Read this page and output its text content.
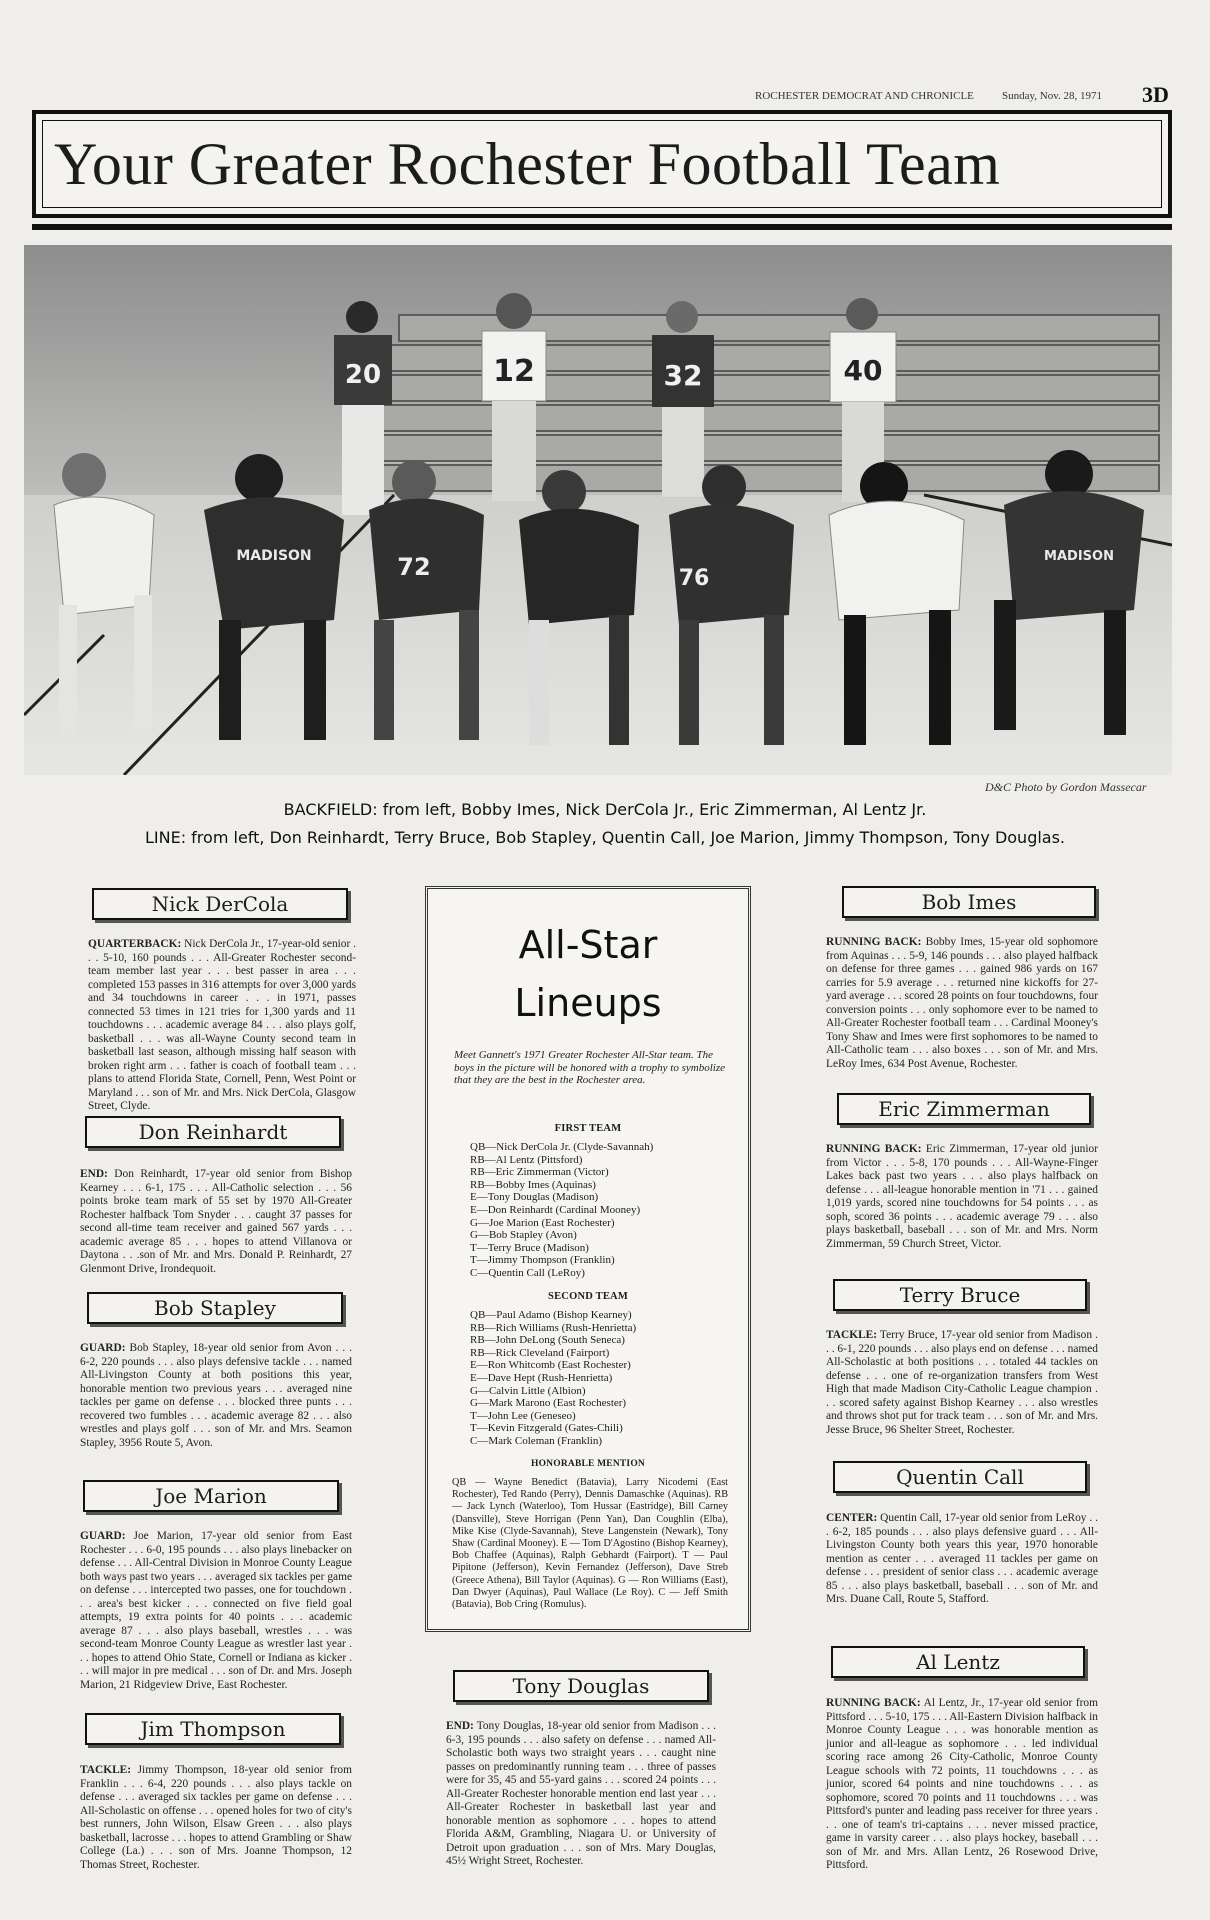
ROCHESTER DEMOCRAT AND CHRONICLE	Sunday, Nov. 28, 1971 3D
Your Greater Rochester Football Team
20	12	32	40
MADISON	72	76
MADISON
D&C Photo by Gordon Massecar
BACKFIELD: from left, Bobby Imes, Nick DerCola Jr., Eric Zimmerman, Al Lentz Jr.
LINE: from left, Don Reinhardt, Terry Bruce, Bob Stapley, Quentin Call, Joe Marion, Jimmy Thompson, Tony Douglas.
Nick DerCola
QUARTERBACK: Nick DerCola Jr., 17-year-old senior . . . 5-10, 160 pounds . . . All-Greater Rochester second-team member last year . . . best passer in area . . . completed 153 passes in 316 attempts for over 3,000 yards and 34 touchdowns in career . . . in 1971, passes connected 53 times in 121 tries for 1,300 yards and 11 touchdowns . . . academic average 84 . . . also plays golf, basketball . . . was all-Wayne County second team in basketball last season, although missing half season with broken right arm . . . father is coach of football team . . . plans to attend Florida State, Cornell, Penn, West Point or Maryland . . . son of Mr. and Mrs. Nick DerCola, Glasgow Street, Clyde.
Don Reinhardt
END: Don Reinhardt, 17-year old senior from Bishop Kearney . . . 6-1, 175 . . . All-Catholic selection . . . 56 points broke team mark of 55 set by 1970 All-Greater Rochester halfback Tom Snyder . . . caught 37 passes for second all-time team receiver and gained 567 yards . . . academic average 85 . . . hopes to attend Villanova or Daytona . . .son of Mr. and Mrs. Donald P. Reinhardt, 27 Glenmont Drive, Irondequoit.
Bob Stapley
GUARD: Bob Stapley, 18-year old senior from Avon . . . 6-2, 220 pounds . . . also plays defensive tackle . . . named All-Livingston County at both positions this year, honorable mention two previous years . . . averaged nine tackles per game on defense . . . blocked three punts . . . recovered two fumbles . . . academic average 82 . . . also wrestles and plays golf . . . son of Mr. and Mrs. Seamon Stapley, 3956 Route 5, Avon.
Joe Marion
GUARD: Joe Marion, 17-year old senior from East Rochester . . . 6-0, 195 pounds . . . also plays linebacker on defense . . . All-Central Division in Monroe County League both ways past two years . . . averaged six tackles per game on defense . . . intercepted two passes, one for touchdown . . . area's best kicker . . . connected on five field goal attempts, 19 extra points for 40 points . . . academic average 87 . . . also plays baseball, wrestles . . . was second-team Monroe County League as wrestler last year . . . hopes to attend Ohio State, Cornell or Indiana as kicker . . . will major in pre medical . . . son of Dr. and Mrs. Joseph Marion, 21 Ridgeview Drive, East Rochester.
Jim Thompson
TACKLE: Jimmy Thompson, 18-year old senior from Franklin . . . 6-4, 220 pounds . . . also plays tackle on defense . . . averaged six tackles per game on defense . . . All-Scholastic on offense . . . opened holes for two of city's best runners, John Wilson, Elsaw Green . . . also plays basketball, lacrosse . . . hopes to attend Grambling or Shaw College (La.) . . . son of Mrs. Joanne Thompson, 12 Thomas Street, Rochester.
All-Star
Lineups
Meet Gannett's 1971 Greater Rochester All-Star team. The boys in the picture will be honored with a trophy to symbolize that they are the best in the Rochester area.
FIRST TEAM
QB—Nick DerCola Jr. (Clyde-Savannah)
RB—Al Lentz (Pittsford)
RB—Eric Zimmerman (Victor)
RB—Bobby Imes (Aquinas)
E—Tony Douglas (Madison)
E—Don Reinhardt (Cardinal Mooney)
G—Joe Marion (East Rochester)
G—Bob Stapley (Avon)
T—Terry Bruce (Madison)
T—Jimmy Thompson (Franklin)
C—Quentin Call (LeRoy)
SECOND TEAM
QB—Paul Adamo (Bishop Kearney)
RB—Rich Williams (Rush-Henrietta)
RB—John DeLong (South Seneca)
RB—Rick Cleveland (Fairport)
E—Ron Whitcomb (East Rochester)
E—Dave Hept (Rush-Henrietta)
G—Calvin Little (Albion)
G—Mark Marono (East Rochester)
T—John Lee (Geneseo)
T—Kevin Fitzgerald (Gates-Chili)
C—Mark Coleman (Franklin)
HONORABLE MENTION
QB — Wayne Benedict (Batavia), Larry Nicodemi (East Rochester), Ted Rando (Perry), Dennis Damaschke (Aquinas). RB — Jack Lynch (Waterloo), Tom Hussar (Eastridge), Bill Carney (Dansville), Steve Horrigan (Penn Yan), Dan Coughlin (Elba), Mike Kise (Clyde-Savannah), Steve Langenstein (Newark), Tony Shaw (Cardinal Mooney). E — Tom D'Agostino (Bishop Kearney), Bob Chaffee (Aquinas), Ralph Gebhardt (Fairport). T — Paul Pipitone (Jefferson), Kevin Fernandez (Jefferson), Dave Streb (Greece Athena), Bill Taylor (Aquinas). G — Ron Williams (East), Dan Dwyer (Aquinas), Paul Wallace (Le Roy). C — Jeff Smith (Batavia), Bob Cring (Romulus).
Tony Douglas
END: Tony Douglas, 18-year old senior from Madison . . . 6-3, 195 pounds . . . also safety on defense . . . named All-Scholastic both ways two straight years . . . caught nine passes on predominantly running team . . . three of passes were for 35, 45 and 55-yard gains . . . scored 24 points . . . All-Greater Rochester honorable mention end last year . . . All-Greater Rochester in basketball last year and honorable mention as sophomore . . . hopes to attend Florida A&M, Grambling, Niagara U. or University of Detroit upon graduation . . . son of Mrs. Mary Douglas, 45½ Wright Street, Rochester.
Bob Imes
RUNNING BACK: Bobby Imes, 15-year old sophomore from Aquinas . . . 5-9, 146 pounds . . . also played halfback on defense for three games . . . gained 986 yards on 167 carries for 5.9 average . . . returned nine kickoffs for 27-yard average . . . scored 28 points on four touchdowns, four conversion points . . . only sophomore ever to be named to All-Greater Rochester football team . . . Cardinal Mooney's Tony Shaw and Imes were first sophomores to be named to All-Catholic team . . . also boxes . . . son of Mr. and Mrs. LeRoy Imes, 634 Post Avenue, Rochester.
Eric Zimmerman
RUNNING BACK: Eric Zimmerman, 17-year old junior from Victor . . . 5-8, 170 pounds . . . All-Wayne-Finger Lakes back past two years . . . also plays halfback on defense . . . all-league honorable mention in '71 . . . gained 1,019 yards, scored nine touchdowns for 54 points . . . as soph, scored 36 points . . . academic average 79 . . . also plays basketball, baseball . . . son of Mr. and Mrs. Norm Zimmerman, 59 Church Street, Victor.
Terry Bruce
TACKLE: Terry Bruce, 17-year old senior from Madison . . . 6-1, 220 pounds . . . also plays end on defense . . . named All-Scholastic at both positions . . . totaled 44 tackles on defense . . . one of re-organization transfers from West High that made Madison City-Catholic League champion . . . scored safety against Bishop Kearney . . . also wrestles and throws shot put for track team . . . son of Mr. and Mrs. Jesse Bruce, 96 Shelter Street, Rochester.
Quentin Call
CENTER: Quentin Call, 17-year old senior from LeRoy . . . 6-2, 185 pounds . . . also plays defensive guard . . . All-Livingston County both years this year, 1970 honorable mention as center . . . averaged 11 tackles per game on defense . . . president of senior class . . . academic average 85 . . . also plays basketball, baseball . . . son of Mr. and Mrs. Duane Call, Route 5, Stafford.
Al Lentz
RUNNING BACK: Al Lentz, Jr., 17-year old senior from Pittsford . . . 5-10, 175 . . . All-Eastern Division halfback in Monroe County League . . . was honorable mention as junior and all-league as sophomore . . . led individual scoring race among 26 City-Catholic, Monroe County League schools with 72 points, 11 touchdowns . . . as junior, scored 64 points and nine touchdowns . . . as sophomore, scored 70 points and 11 touchdowns . . . was Pittsford's punter and leading pass receiver for three years . . . one of team's tri-captains . . . never missed practice, game in varsity career . . . also plays hockey, baseball . . . son of Mr. and Mrs. Allan Lentz, 26 Rosewood Drive, Pittsford.
